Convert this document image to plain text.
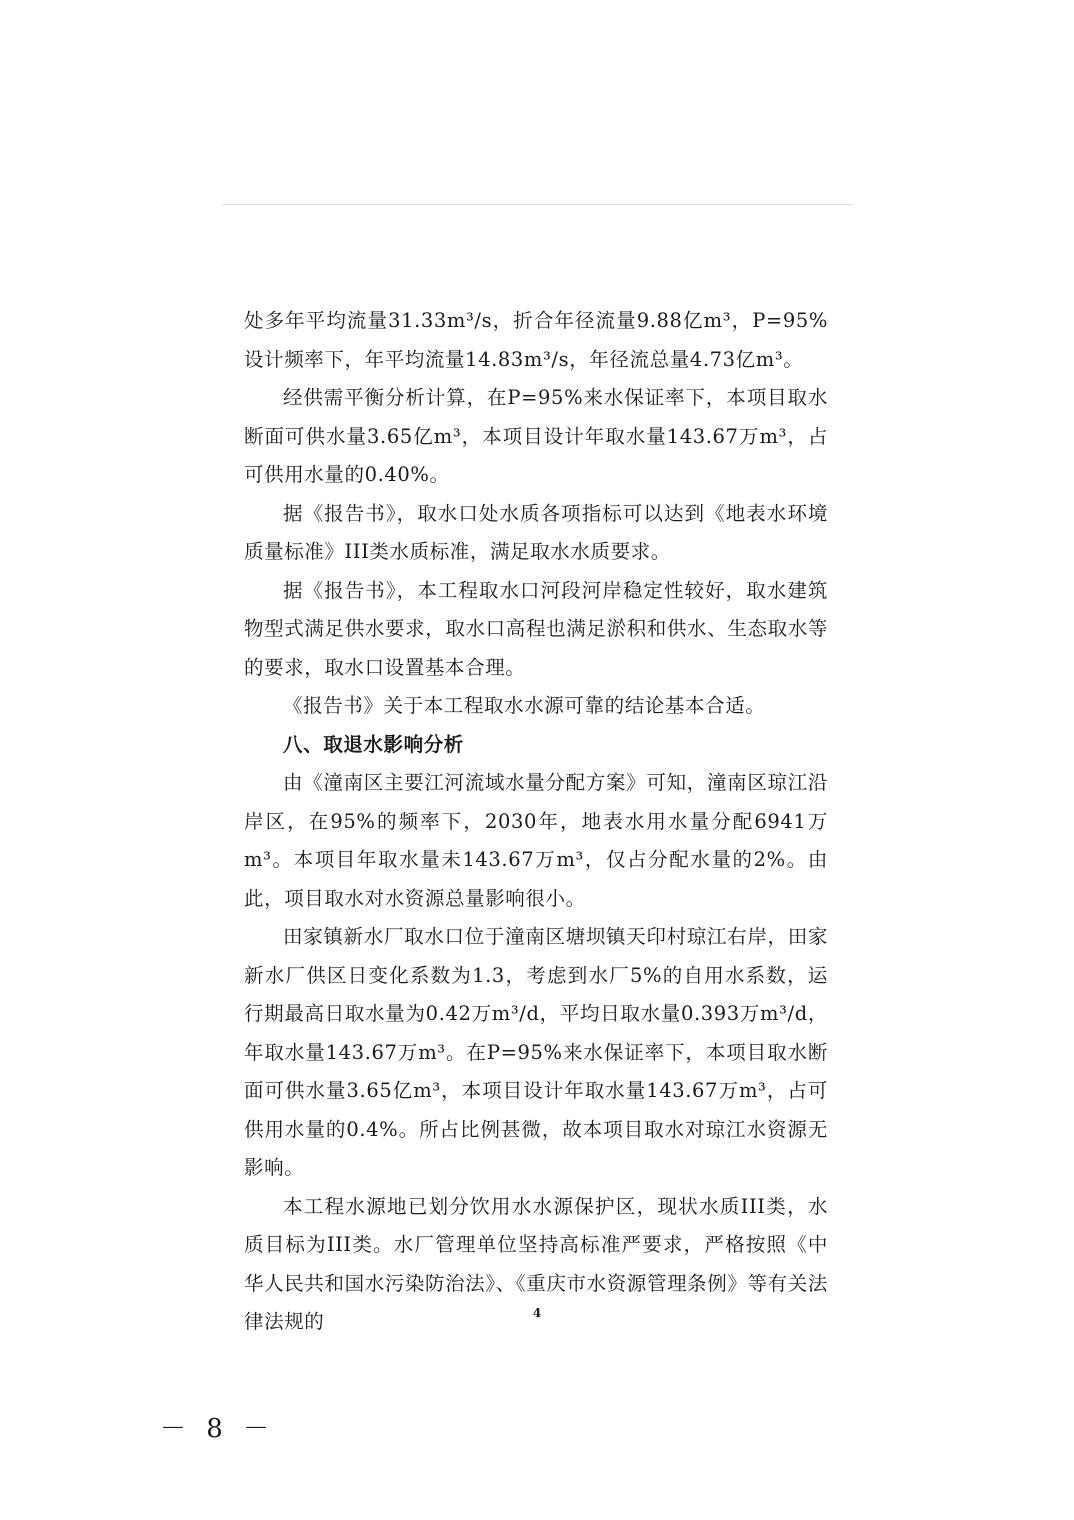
处多年平均流量31.33m³/s，折合年径流量9.88亿m³，P=95%设计频率下，年平均流量14.83m³/s，年径流总量4.73亿m³。

经供需平衡分析计算，在P=95%来水保证率下，本项目取水断面可供水量3.65亿m³，本项目设计年取水量143.67万m³，占可供用水量的0.40%。

据《报告书》，取水口处水质各项指标可以达到《地表水环境质量标准》III类水质标准，满足取水水质要求。

据《报告书》，本工程取水口河段河岸稳定性较好，取水建筑物型式满足供水要求，取水口高程也满足淤积和供水、生态取水等的要求，取水口设置基本合理。

《报告书》关于本工程取水水源可靠的结论基本合适。

八、取退水影响分析

由《潼南区主要江河流域水量分配方案》可知，潼南区琼江沿岸区，在95%的频率下，2030年，地表水用水量分配6941万m³。本项目年取水量未143.67万m³，仅占分配水量的2%。由此，项目取水对水资源总量影响很小。

田家镇新水厂取水口位于潼南区塘坝镇天印村琼江右岸，田家新水厂供区日变化系数为1.3，考虑到水厂5%的自用水系数，运行期最高日取水量为0.42万m³/d，平均日取水量0.393万m³/d，年取水量143.67万m³。在P=95%来水保证率下，本项目取水断面可供水量3.65亿m³，本项目设计年取水量143.67万m³，占可供用水量的0.4%。所占比例甚微，故本项目取水对琼江水资源无影响。

本工程水源地已划分饮用水水源保护区，现状水质III类，水质目标为III类。水厂管理单位坚持高标准严要求，严格按照《中华人民共和国水污染防治法》、《重庆市水资源管理条例》等有关法律法规的	4
－ 8 －
